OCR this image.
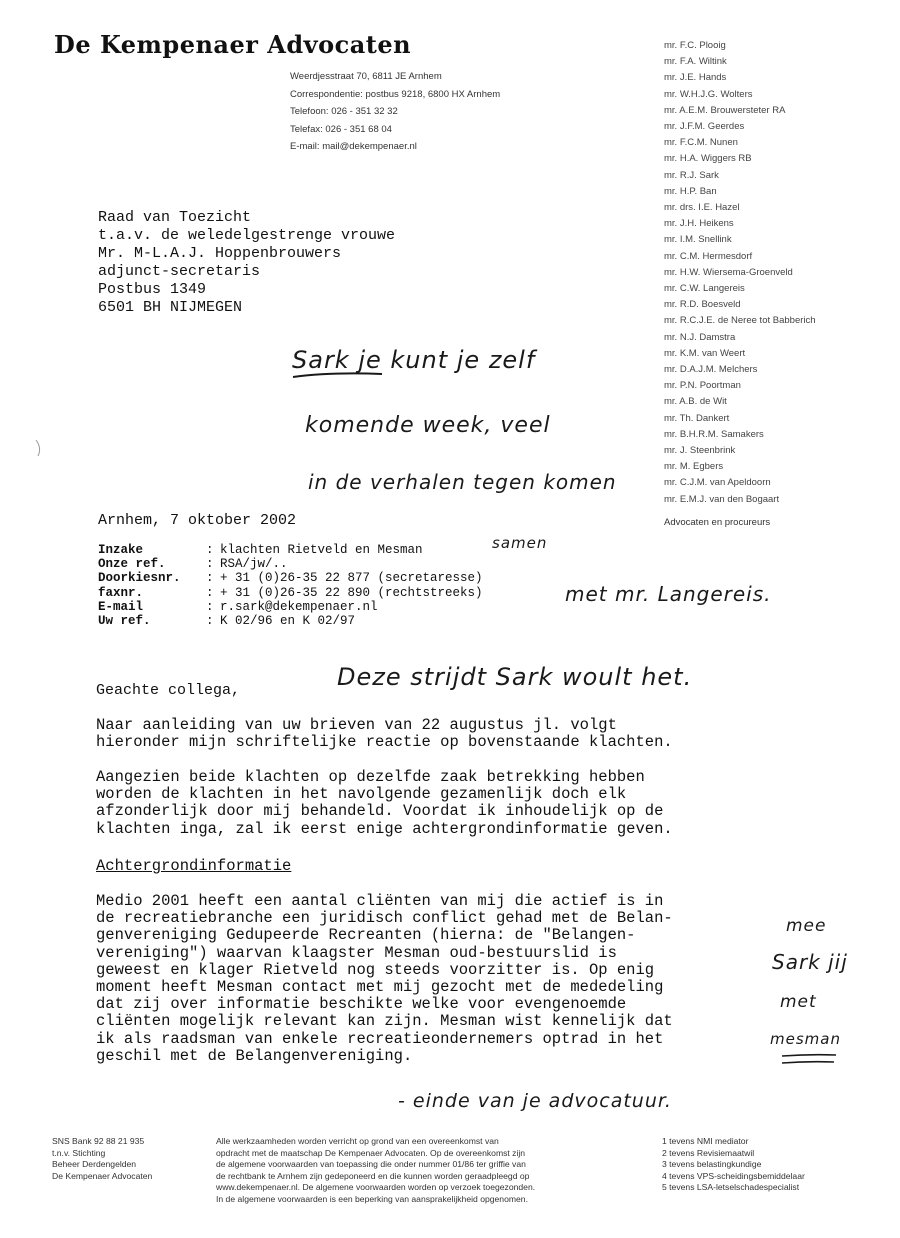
De Kempenaer Advocaten
Weerdjesstraat 70, 6811 JE Arnhem
Correspondentie: postbus 9218, 6800 HX Arnhem
Telefoon: 026 - 351 32 32
Telefax: 026 - 351 68 04
E-mail: mail@dekempenaer.nl
mr. F.C. Plooig
mr. F.A. Wiltink
mr. J.E. Hands
mr. W.H.J.G. Wolters
mr. A.E.M. Brouwersteter RA
mr. J.F.M. Geerdes
mr. F.C.M. Nunen
mr. H.A. Wiggers RB
mr. R.J. Sark
mr. H.P. Ban
mr. drs. I.E. Hazel
mr. J.H. Heikens
mr. I.M. Snellink
mr. C.M. Hermesdorf
mr. H.W. Wiersema-Groenveld
mr. C.W. Langereis
mr. R.D. Boesveld
mr. R.C.J.E. de Neree tot Babberich
mr. N.J. Damstra
mr. K.M. van Weert
mr. D.A.J.M. Melchers
mr. P.N. Poortman
mr. A.B. de Wit
mr. Th. Dankert
mr. B.H.R.M. Samakers
mr. J. Steenbrink
mr. M. Egbers
mr. C.J.M. van Apeldoorn
mr. E.M.J. van den Bogaart
Advocaten en procureurs
Raad van Toezicht
t.a.v. de weledelgestrenge vrouwe
Mr. M-L.A.J. Hoppenbrouwers
adjunct-secretaris
Postbus 1349
6501 BH NIJMEGEN
Arnhem, 7 oktober 2002
Inzake	: klachten Rietveld en Mesman
Onze ref.	: RSA/jw/..
Doorkiesnr. : + 31 (0)26-35 22 877 (secretaresse)
faxnr.	: + 31 (0)26-35 22 890 (rechtstreeks)
E-mail	: r.sark@dekempenaer.nl
Uw ref.	: K 02/96 en K 02/97
Geachte collega,
Naar aanleiding van uw brieven van 22 augustus jl. volgt
hieronder mijn schriftelijke reactie op bovenstaande klachten.
Aangezien beide klachten op dezelfde zaak betrekking hebben
worden de klachten in het navolgende gezamenlijk doch elk
afzonderlijk door mij behandeld. Voordat ik inhoudelijk op de
klachten inga, zal ik eerst enige achtergrondinformatie geven.
Achtergrondinformatie
Medio 2001 heeft een aantal cliënten van mij die actief is in
de recreatiebranche een juridisch conflict gehad met de Belan-
genvereniging Gedupeerde Recreanten (hierna: de "Belangen-
vereniging") waarvan klaagster Mesman oud-bestuurslid is
geweest en klager Rietveld nog steeds voorzitter is. Op enig
moment heeft Mesman contact met mij gezocht met de mededeling
dat zij over informatie beschikte welke voor evengenoemde
cliënten mogelijk relevant kan zijn. Mesman wist kennelijk dat
ik als raadsman van enkele recreatieondernemers optrad in het
geschil met de Belangenvereniging.
Sark je kunt je zelf
komende week, veel
in de verhalen tegen komen
samen
met mr. Langereis.
Deze strijdt Sark woult het.
mee
Sark jij
met
mesman
- einde van je advocatuur.
SNS Bank 92 88 21 935
t.n.v. Stichting
Beheer Derdengelden
De Kempenaer Advocaten
Alle werkzaamheden worden verricht op grond van een overeenkomst van
opdracht met de maatschap De Kempenaer Advocaten. Op de overeenkomst zijn
de algemene voorwaarden van toepassing die onder nummer 01/86 ter griffie van
de rechtbank te Arnhem zijn gedeponeerd en die kunnen worden geraadpleegd op
www.dekempenaer.nl. De algemene voorwaarden worden op verzoek toegezonden.
In de algemene voorwaarden is een beperking van aansprakelijkheid opgenomen.
1 tevens NMI mediator
2 tevens Revisiemaatwil
3 tevens belastingkundige
4 tevens VPS-scheidingsbemiddelaar
5 tevens LSA-letselschadespecialist
